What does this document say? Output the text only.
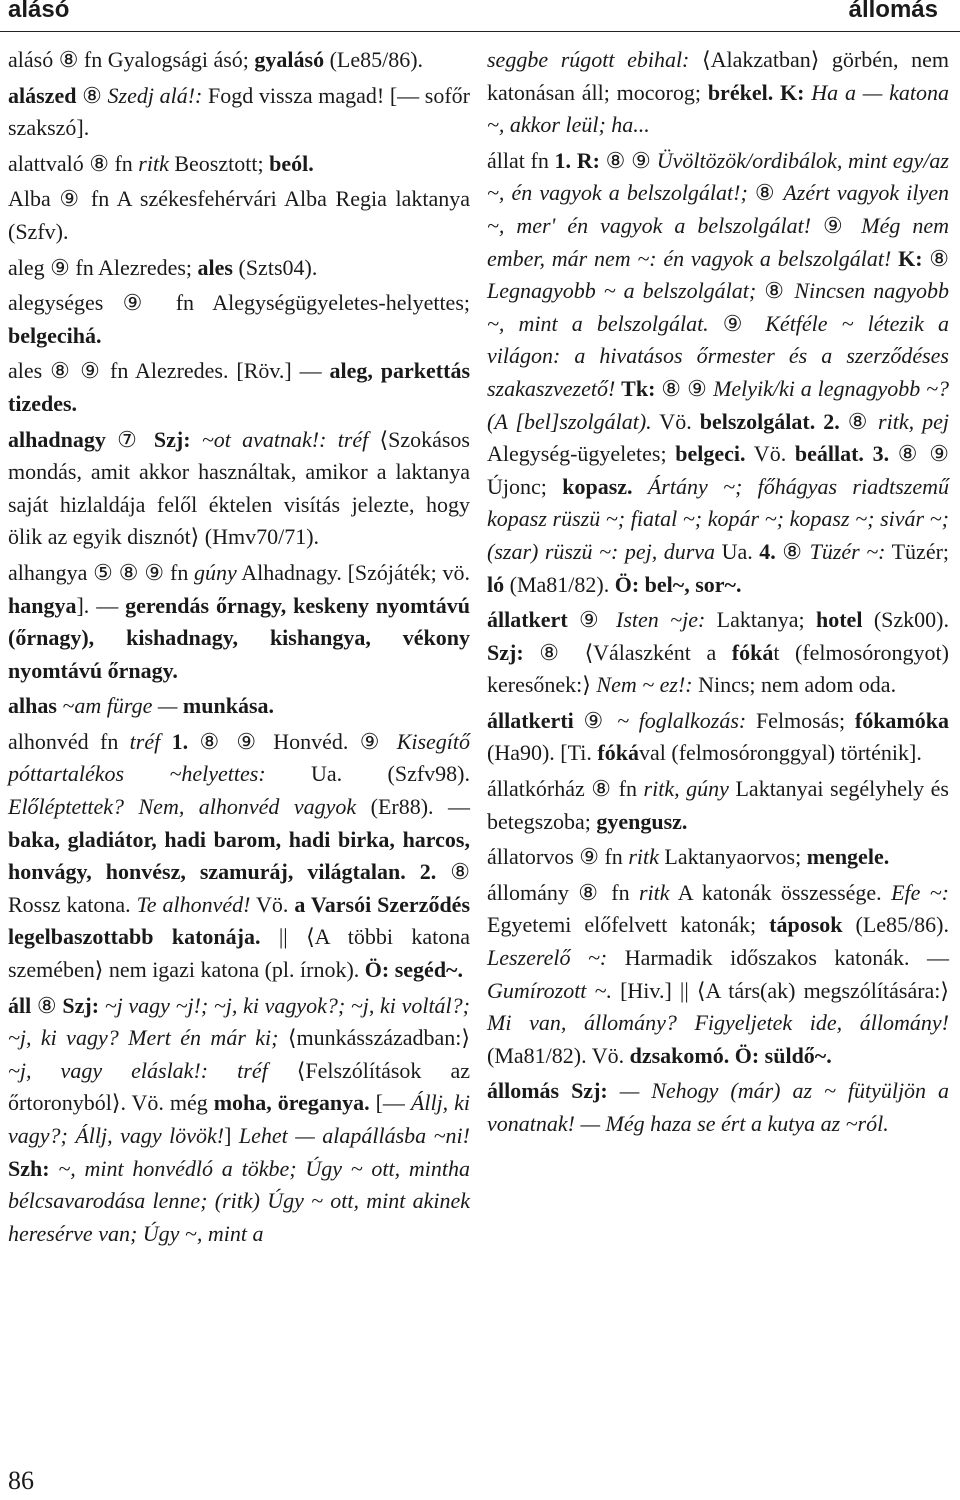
alásó	állomás

alásó ⑧ fn Gyalogsági ásó; gyalásó (Le85/86).

alászed ⑧ Szedj alá!: Fogd vissza magad! [— sofőr szakszó].

alattvaló ⑧ fn ritk Beosztott; beól.

Alba ⑨ fn A székesfehérvári Alba Regia laktanya (Szfv).

aleg ⑨ fn Alezredes; ales (Szts04).

alegységes ⑨ fn Alegységügyeletes-helyettes; belgecihá.

ales ⑧ ⑨ fn Alezredes. [Röv.] — aleg, parkettás tizedes.

alhadnagy ⑦ Szj: ~ot avatnak!: tréf ⟨Szokásos mondás, amit akkor használtak, amikor a laktanya saját hizlaldája felől éktelen visítás jelezte, hogy ölik az egyik disznót⟩ (Hmv70/71).

alhangya ⑤ ⑧ ⑨ fn gúny Alhadnagy. [Szójáték; vö. hangya]. — gerendás őrnagy, keskeny nyomtávú (őrnagy), kishadnagy, kishangya, vékony nyomtávú őrnagy.

alhas ~am fürge — munkása.

alhonvéd fn tréf 1. ⑧ ⑨ Honvéd. ⑨ Kisegítő póttartalékos ~helyettes: Ua. (Szfv98). Előléptettek? Nem, alhonvéd vagyok (Er88). — baka, gladiátor, hadi barom, hadi birka, harcos, honvágy, honvész, szamuráj, világtalan. 2. ⑧ Rossz katona. Te alhonvéd! Vö. a Varsói Szerződés legelbaszottabb katonája. || ⟨A többi katona szemében⟩ nem igazi katona (pl. írnok). Ö: segéd~.

áll ⑧ Szj: ~j vagy ~j!; ~j, ki vagyok?; ~j, ki voltál?; ~j, ki vagy? Mert én már ki; ⟨munkásszázadban:⟩ ~j, vagy eláslak!: tréf ⟨Felszólítások az őrtoronyból⟩. Vö. még moha, öreganya. [— Állj, ki vagy?; Állj, vagy lövök!] Lehet — alapállásba ~ni! Szh: ~, mint honvédló a tökbe; Úgy ~ ott, mintha bélcsavarodása lenne; (ritk) Úgy ~ ott, mint akinek heresérve van; Úgy ~, mint a

seggbe rúgott ebihal: ⟨Alakzatban⟩ görbén, nem katonásan áll; mocorog; brékel. K: Ha a — katona ~, akkor leül; ha...

állat fn 1. R: ⑧ ⑨ Üvöltözök/ordibálok, mint egy/az ~, én vagyok a belszolgálat!; ⑧ Azért vagyok ilyen ~, mer' én vagyok a belszolgálat! ⑨ Még nem ember, már nem ~: én vagyok a belszolgálat! K: ⑧ Legnagyobb ~ a belszolgálat; ⑧ Nincsen nagyobb ~, mint a belszolgálat. ⑨ Kétféle ~ létezik a világon: a hivatásos őrmester és a szerződéses szakaszvezető! Tk: ⑧ ⑨ Melyik/ki a legnagyobb ~? (A [bel]szolgálat). Vö. belszolgálat. 2. ⑧ ritk, pej Alegység-ügyeletes; belgeci. Vö. beállat. 3. ⑧ ⑨ Újonc; kopasz. Ártány ~; főhágyas riadtszemű kopasz rüszü ~; fiatal ~; kopár ~; kopasz ~; sivár ~; (szar) rüszü ~: pej, durva Ua. 4. ⑧ Tüzér ~: Tüzér; ló (Ma81/82). Ö: bel~, sor~.

állatkert ⑨ Isten ~je: Laktanya; hotel (Szk00). Szj: ⑧ ⟨Válaszként a fókát (felmosórongyot) keresőnek:⟩ Nem ~ ez!: Nincs; nem adom oda.

állatkerti ⑨ ~ foglalkozás: Felmosás; fókamóka (Ha90). [Ti. fókával (felmosóronggyal) történik].

állatkórház ⑧ fn ritk, gúny Laktanyai segélyhely és betegszoba; gyengusz.

állatorvos ⑨ fn ritk Laktanyaorvos; mengele.

állomány ⑧ fn ritk A katonák összessége. Efe ~: Egyetemi előfelvett katonák; táposok (Le85/86). Leszerelő ~: Harmadik időszakos katonák. — Gumírozott ~. [Hiv.] || ⟨A társ(ak) megszólítására:⟩ Mi van, állomány? Figyeljetek ide, állomány! (Ma81/82). Vö. dzsakomó. Ö: süldő~.

állomás Szj: — Nehogy (már) az ~ fütyüljön a vonatnak! — Még haza se ért a kutya az ~ról.

86
